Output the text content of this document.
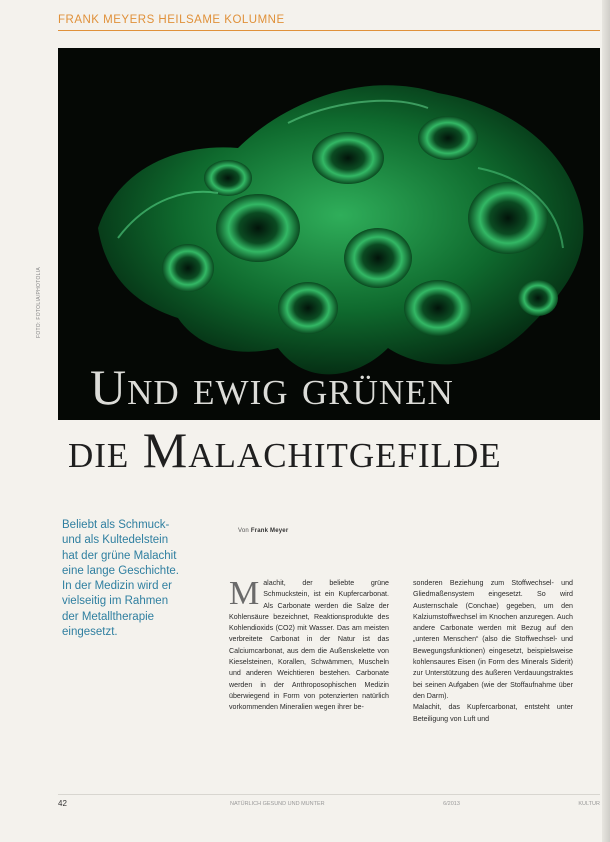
FRANK MEYERS HEILSAME KOLUMNE
FOTO: FOTOLIA/PHOTOLIA
Und ewig grünen
die Malachitgefilde
Beliebt als Schmuck- und als Kultedelstein hat der grüne Malachit eine lange Geschichte. In der Medizin wird er vielseitig im Rahmen der Metalltherapie eingesetzt.
Von Frank Meyer
M alachit, der beliebte grüne Schmuckstein, ist ein Kupfercarbonat. Als Carbonate werden die Salze der Kohlensäure bezeichnet, Reaktionsprodukte des Kohlendioxids (CO2) mit Wasser. Das am meisten verbreitete Carbonat in der Natur ist das Calciumcarbonat, aus dem die Außenskelette von Kieselsteinen, Korallen, Schwämmen, Muscheln und anderen Weichtieren bestehen. Carbonate werden in der Anthroposophischen Medizin überwiegend in Form von potenzierten natürlich vorkommenden Mineralien wegen ihrer be-
sonderen Beziehung zum Stoffwechsel- und Gliedmaßensystem eingesetzt. So wird Austernschale (Conchae) gegeben, um den Kalziumstoffwechsel im Knochen anzuregen. Auch andere Carbonate werden mit Bezug auf den „unteren Menschen“ (also die Stoffwechsel- und Bewegungsfunktionen) eingesetzt, beispielsweise kohlensaures Eisen (in Form des Minerals Siderit) zur Unterstützung des äußeren Verdauungstraktes bei seinen Aufgaben (wie der Stoffaufnahme über den Darm).
Malachit, das Kupfercarbonat, entsteht unter Beteiligung von Luft und
42	NATÜRLICH GESUND UND MUNTER	6/2013	KULTUR
